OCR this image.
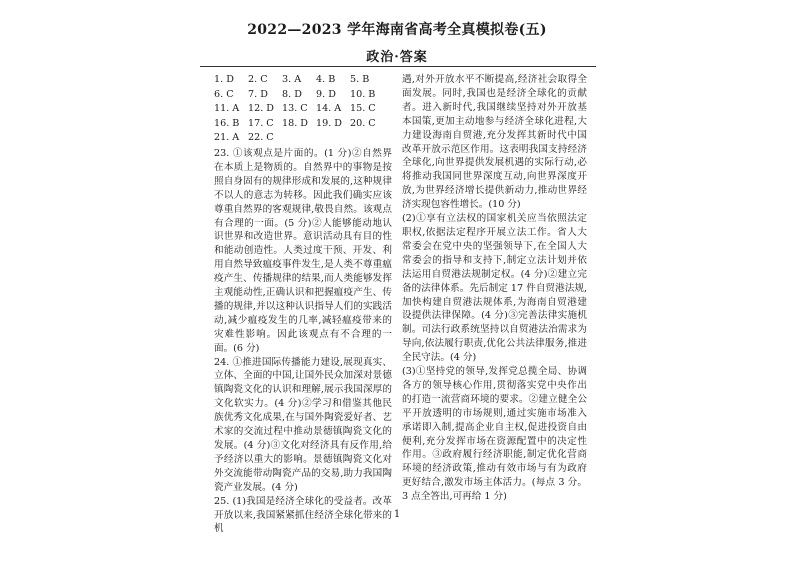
2022—2023 学年海南省高考全真模拟卷(五)
政治·答案
1. D	2. C	3. A	4. B	5. B
6. C	7. D	8. D	9. D	10. B
11. A 12. D 13. C 14. A 15. C
16. B 17. C 18. D 19. D 20. C
21. A 22. C

23. ①该观点是片面的。(1 分)②自然界在本质上是物质的。自然界中的事物是按照自身固有的规律形成和发展的,这种规律不以人的意志为转移。因此我们确实应该尊重自然界的客观规律,敬畏自然。该观点有合理的一面。(5 分)②人能够能动地认识世界和改造世界。意识活动具有目的性和能动创造性。人类过度干预、开发、利用自然导致瘟疫事件发生,是人类不尊重瘟疫产生、传播规律的结果,而人类能够发挥主观能动性,正确认识和把握瘟疫产生、传播的规律,并以这种认识指导人们的实践活动,减少瘟疫发生的几率,减轻瘟疫带来的灾难性影响。因此该观点有不合理的一面。(6 分)

24. ①推进国际传播能力建设,展现真实、立体、全面的中国,让国外民众加深对景德镇陶瓷文化的认识和理解,展示我国深厚的文化软实力。(4 分)②学习和借鉴其他民族优秀文化成果,在与国外陶瓷爱好者、艺术家的交流过程中推动景德镇陶瓷文化的发展。(4 分)③文化对经济具有反作用,给予经济以重大的影响。景德镇陶瓷文化对外交流能带动陶瓷产品的交易,助力我国陶瓷产业发展。(4 分)

25. (1)我国是经济全球化的受益者。改革开放以来,我国紧紧抓住经济全球化带来的机

遇,对外开放水平不断提高,经济社会取得全面发展。同时,我国也是经济全球化的贡献者。进入新时代,我国继续坚持对外开放基本国策,更加主动地参与经济全球化进程,大力建设海南自贸港,充分发挥其新时代中国改革开放示范区作用。这表明我国支持经济全球化,向世界提供发展机遇的实际行动,必将推动我国同世界深度互动,向世界深度开放,为世界经济增长提供新动力,推动世界经济实现包容性增长。(10 分)

(2)①享有立法权的国家机关应当依照法定职权,依据法定程序开展立法工作。省人大常委会在党中央的坚强领导下,在全国人大常委会的指导和支持下,制定立法计划并依法运用自贸港法规制定权。(4 分)②建立完备的法律体系。先后制定 17 件自贸港法规,加快构建自贸港法规体系,为海南自贸港建设提供法律保障。(4 分)③完善法律实施机制。司法行政系统坚持以自贸港法治需求为导向,依法履行职责,优化公共法律服务,推进全民守法。(4 分)

(3)①坚持党的领导,发挥党总揽全局、协调各方的领导核心作用,贯彻落实党中央作出的打造一流营商环境的要求。②建立健全公平开放透明的市场规则,通过实施市场准入承诺即入制,提高企业自主权,促进投资自由便利,充分发挥市场在资源配置中的决定性作用。③政府履行经济职能,制定优化营商环境的经济政策,推动有效市场与有为政府更好结合,激发市场主体活力。(每点 3 分。3 点全答出,可再给 1 分)

1
